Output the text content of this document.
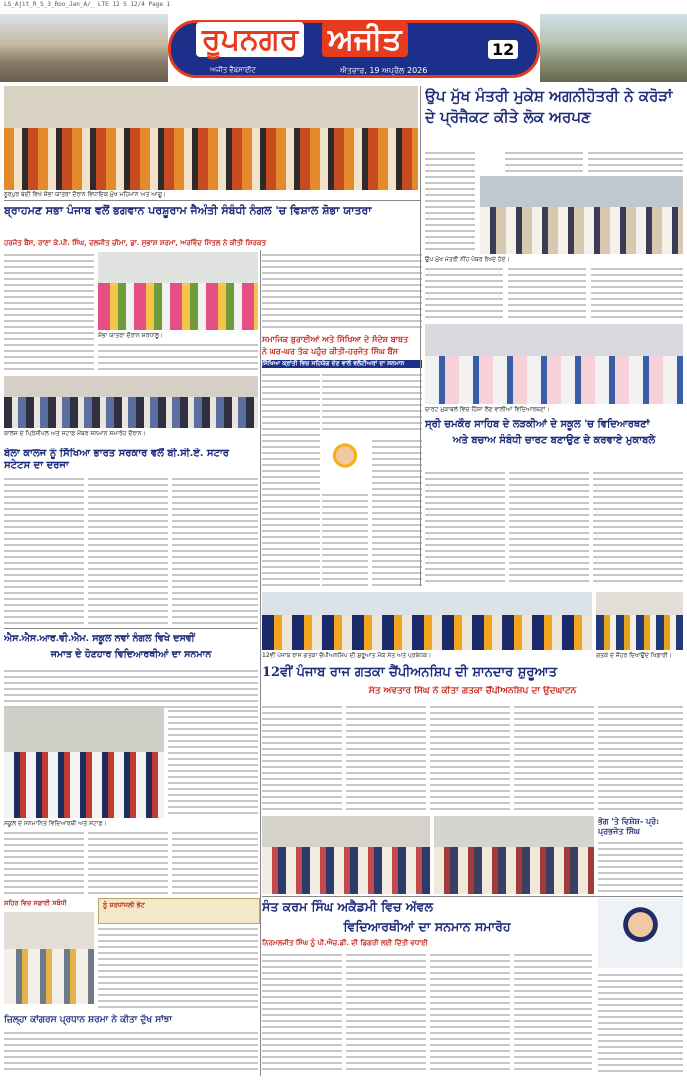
LS_Ajit_R_S_3_Roo_Jan_A/_ LTE 12 S 12/4 Page 1
ਰੂਪਨਗਰ ਅਜੀਤ
ਅਜੀਤ ਵੈੱਬਸਾਈਟ	ਐਤਵਾਰ, 19 ਅਪ੍ਰੈਲ 2026
12
ਨੂਰਪੁਰ ਬੇਦੀ ਵਿਖੇ ਸ਼ੋਭਾ ਯਾਤਰਾ ਦੌਰਾਨ ਵਿਧਾਇਕ ਮੁੱਖ ਮਹਿਮਾਨ ਅਤੇ ਆਗੂ।
ਉਪ ਮੁੱਖ ਮੰਤਰੀ ਮੁਕੇਸ਼ ਅਗਨੀਹੋਤਰੀ ਨੇ ਕਰੋੜਾਂ ਦੇ ਪ੍ਰੋਜੈਕਟ ਕੀਤੇ ਲੋਕ ਅਰਪਣ
ਉਪ ਮੁੱਖ ਮੰਤਰੀ ਨੀਂਹ ਪੱਥਰ ਰੱਖਦੇ ਹੋਏ।
ਬ੍ਰਾਹਮਣ ਸਭਾ ਪੰਜਾਬ ਵਲੋਂ ਭਗਵਾਨ ਪਰਸ਼ੂਰਾਮ ਜੈਅੰਤੀ ਸੰਬੰਧੀ ਨੰਗਲ 'ਚ ਵਿਸ਼ਾਲ ਸ਼ੋਭਾ ਯਾਤਰਾ
ਹਰਜੋਤ ਬੈਂਸ, ਰਾਣਾ ਕੇ.ਪੀ. ਸਿੰਘ, ਦਲਜੀਤ ਚੀਮਾ, ਡਾ. ਸੁਭਾਸ਼ ਸ਼ਰਮਾ, ਅਰਵਿੰਦ ਮਿੱਤਲ ਨੇ ਕੀਤੀ ਸ਼ਿਰਕਤ
ਸ਼ੋਭਾ ਯਾਤਰਾ ਦੌਰਾਨ ਸ਼ਰਧਾਲੂ।	ਸਮਾਜਿਕ ਬੁਰਾਈਆਂ ਅਤੇ ਸਿੱਖਿਆ ਦੇ ਸੰਦੇਸ਼ ਬਾਬਤ
ਨੇ ਘਰ-ਘਰ ਤੱਕ ਪਹੁੰਚ ਕੀਤੀ-ਹਰਜੋਤ ਸਿੰਘ ਬੈਂਸ
ਸਿੱਖਿਆ ਕ੍ਰਾਂਤੀ ਵਿਚ ਸਹਿਯੋਗ ਦੇਣ ਵਾਲੇ ਵਲੰਟੀਅਰਾਂ ਦਾ ਸਨਮਾਨ
ਕਾਲਜ ਦੇ ਪ੍ਰਿੰਸੀਪਲ ਅਤੇ ਸਟਾਫ਼ ਮੈਂਬਰ ਸਨਮਾਨ ਸਮਾਰੋਹ ਦੌਰਾਨ।
ਬੇਲਾ ਕਾਲਜ ਨੂੰ ਸਿੱਖਿਆ ਭਾਰਤ ਸਰਕਾਰ ਵਲੋਂ ਬੀ.ਸੀ.ਏ. ਸਟਾਰ ਸਟੇਟਸ ਦਾ ਦਰਜਾ
ਚਾਰਟ ਮੁਕਾਬਲੇ ਵਿਚ ਹਿੱਸਾ ਲੈਣ ਵਾਲੀਆਂ ਵਿਦਿਆਰਥਣਾਂ।
ਸ੍ਰੀ ਚਮਕੌਰ ਸਾਹਿਬ ਦੇ ਲੜਕੀਆਂ ਦੇ ਸਕੂਲ 'ਚ ਵਿਦਿਆਰਥਣਾਂ
ਅਤੇ ਬਚਾਅ ਸੰਬੰਧੀ ਚਾਰਟ ਬਣਾਉਣ ਦੇ ਕਰਵਾਏ ਮੁਕਾਬਲੇ
12ਵੀਂ ਪੰਜਾਬ ਰਾਜ ਗਤਕਾ ਚੈਂਪੀਅਨਸ਼ਿਪ ਦੀ ਸ਼ੁਰੂਆਤ ਮੌਕੇ ਸੰਤ ਅਤੇ ਪ੍ਰਬੰਧਕ।	ਗਤਕੇ ਦੇ ਜੌਹਰ ਦਿਖਾਉਂਦੇ ਖਿਡਾਰੀ।
ਐਸ.ਐਸ.ਆਰ.ਵੀ.ਐਮ. ਸਕੂਲ ਨਵਾਂ ਨੰਗਲ ਵਿਖੇ ਦਸਵੀਂ
ਜਮਾਤ ਦੇ ਹੋਣਹਾਰ ਵਿਦਿਆਰਥੀਆਂ ਦਾ ਸਨਮਾਨ
ਸਕੂਲ ਦੇ ਸਨਮਾਨਿਤ ਵਿਦਿਆਰਥੀ ਅਤੇ ਸਟਾਫ਼।
12ਵੀਂ ਪੰਜਾਬ ਰਾਜ ਗਤਕਾ ਚੈਂਪੀਅਨਸ਼ਿਪ ਦੀ ਸ਼ਾਨਦਾਰ ਸ਼ੁਰੂਆਤ
ਸੰਤ ਅਵਤਾਰ ਸਿੰਘ ਨੇ ਕੀਤਾ ਗਤਕਾ ਚੈਂਪੀਅਨਸ਼ਿਪ ਦਾ ਉਦਘਾਟਨ
ਭੋਗ 'ਤੇ ਵਿਸ਼ੇਸ਼- ਪ੍ਰੋ: ਪ੍ਰਭਜੋਤ ਸਿੰਘ
ਸੰਤ ਕਰਮ ਸਿੰਘ ਅਕੈਡਮੀ ਵਿਚ ਅੱਵਲ
ਵਿਦਿਆਰਥੀਆਂ ਦਾ ਸਨਮਾਨ ਸਮਾਰੋਹ
ਨਿਰਮਲਜੀਤ ਸਿੰਘ ਨੂੰ ਪੀ.ਐਚ.ਡੀ. ਦੀ ਡਿਗਰੀ ਲਈ ਦਿੱਤੀ ਵਧਾਈ
ਸ਼ਹਿਰ ਵਿਚ ਸਫ਼ਾਈ ਸਬੰਧੀ	ਨੂੰ ਸ਼ਰਧਾਂਜਲੀ ਭੇਟ
ਜ਼ਿਲ੍ਹਾ ਕਾਂਗਰਸ ਪ੍ਰਧਾਨ ਸ਼ਰਮਾ ਨੇ ਕੀਤਾ ਦੁੱਖ ਸਾਂਝਾ
